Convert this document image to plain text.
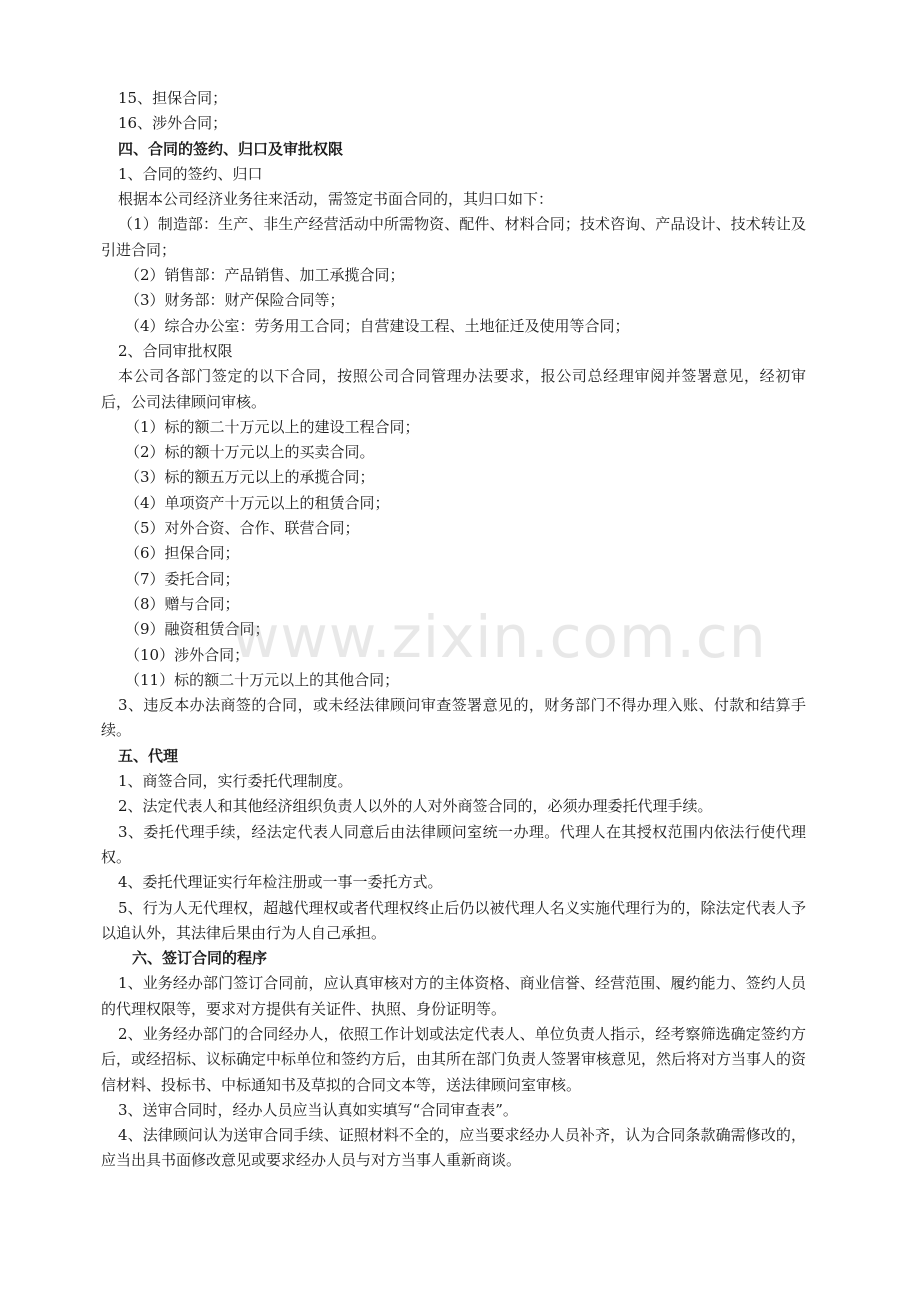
15、担保合同；
16、涉外合同；
四、合同的签约、归口及审批权限
1、合同的签约、归口
根据本公司经济业务往来活动，需签定书面合同的，其归口如下：
（1）制造部：生产、非生产经营活动中所需物资、配件、材料合同；技术咨询、产品设计、技术转让及引进合同；
（2）销售部：产品销售、加工承揽合同；
（3）财务部：财产保险合同等；
（4）综合办公室：劳务用工合同；自营建设工程、土地征迁及使用等合同；
2、合同审批权限
本公司各部门签定的以下合同，按照公司合同管理办法要求，报公司总经理审阅并签署意见，经初审后，公司法律顾问审核。
（1）标的额二十万元以上的建设工程合同；
（2）标的额十万元以上的买卖合同。
（3）标的额五万元以上的承揽合同；
（4）单项资产十万元以上的租赁合同；
（5）对外合资、合作、联营合同；
（6）担保合同；
（7）委托合同；
（8）赠与合同；
（9）融资租赁合同；
（10）涉外合同；
（11）标的额二十万元以上的其他合同；
3、违反本办法商签的合同，或未经法律顾问审查签署意见的，财务部门不得办理入账、付款和结算手续。
五、代理
1、商签合同，实行委托代理制度。
2、法定代表人和其他经济组织负责人以外的人对外商签合同的，必须办理委托代理手续。
3、委托代理手续，经法定代表人同意后由法律顾问室统一办理。代理人在其授权范围内依法行使代理权。
4、委托代理证实行年检注册或一事一委托方式。
5、行为人无代理权，超越代理权或者代理权终止后仍以被代理人名义实施代理行为的，除法定代表人予以追认外，其法律后果由行为人自己承担。
六、签订合同的程序
1、业务经办部门签订合同前，应认真审核对方的主体资格、商业信誉、经营范围、履约能力、签约人员的代理权限等，要求对方提供有关证件、执照、身份证明等。
2、业务经办部门的合同经办人，依照工作计划或法定代表人、单位负责人指示，经考察筛选确定签约方后，或经招标、议标确定中标单位和签约方后，由其所在部门负责人签署审核意见，然后将对方当事人的资信材料、投标书、中标通知书及草拟的合同文本等，送法律顾问室审核。
3、送审合同时，经办人员应当认真如实填写“合同审查表”。
4、法律顾问认为送审合同手续、证照材料不全的，应当要求经办人员补齐，认为合同条款确需修改的，应当出具书面修改意见或要求经办人员与对方当事人重新商谈。
www.zixin.com.cn
